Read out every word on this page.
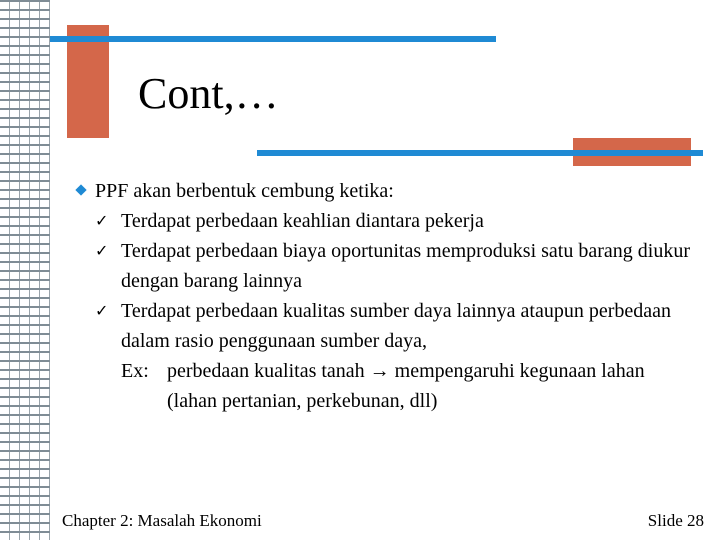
Cont,…
PPF akan berbentuk cembung ketika:
✓ Terdapat perbedaan keahlian diantara pekerja
✓ Terdapat perbedaan biaya oportunitas memproduksi satu barang diukur dengan barang lainnya
✓ Terdapat perbedaan kualitas sumber daya lainnya ataupun perbedaan dalam rasio penggunaan sumber daya,
Ex: perbedaan kualitas tanah → mempengaruhi kegunaan lahan (lahan pertanian, perkebunan, dll)
Chapter 2: Masalah Ekonomi	Slide 28
